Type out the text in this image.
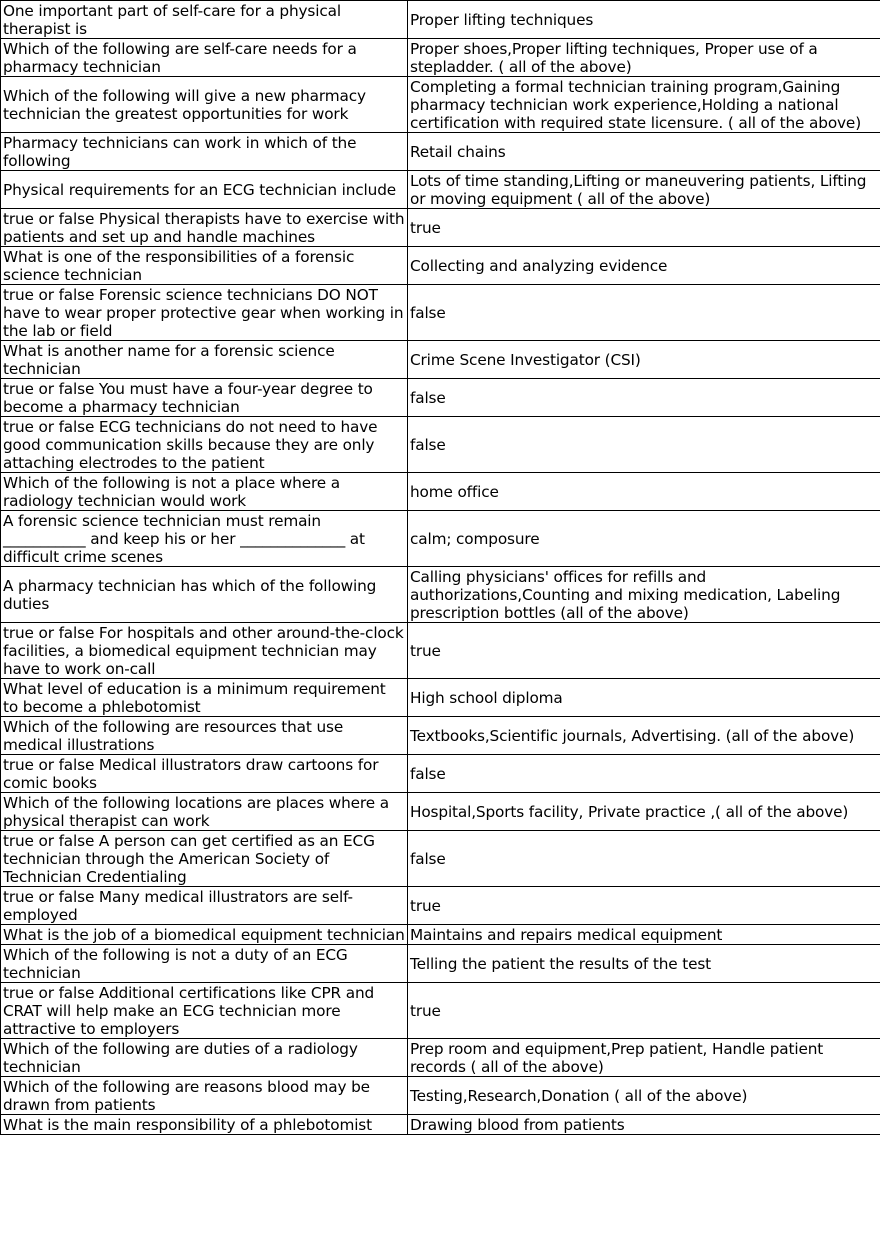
One important part of self-care for a physical therapist is	Proper lifting techniques
Which of the following are self-care needs for a pharmacy technician	Proper shoes,Proper lifting techniques, Proper use of a stepladder. ( all of the above)
Which of the following will give a new pharmacy technician the greatest opportunities for work	Completing a formal technician training program,Gaining pharmacy technician work experience,Holding a national certification with required state licensure. ( all of the above)
Pharmacy technicians can work in which of the following	Retail chains
Physical requirements for an ECG technician include	Lots of time standing,Lifting or maneuvering patients, Lifting or moving equipment ( all of the above)
true or false Physical therapists have to exercise with patients and set up and handle machines	true
What is one of the responsibilities of a forensic science technician	Collecting and analyzing evidence
true or false Forensic science technicians DO NOT have to wear proper protective gear when working in the lab or field	false
What is another name for a forensic science technician	Crime Scene Investigator (CSI)
true or false You must have a four-year degree to become a pharmacy technician	false
true or false ECG technicians do not need to have good communication skills because they are only attaching electrodes to the patient	false
Which of the following is not a place where a radiology technician would work	home office
A forensic science technician must remain ___________ and keep his or her ______________ at difficult crime scenes	calm; composure
A pharmacy technician has which of the following duties	Calling physicians' offices for refills and authorizations,Counting and mixing medication, Labeling prescription bottles (all of the above)
true or false For hospitals and other around-the-clock facilities, a biomedical equipment technician may have to work on-call	true
What level of education is a minimum requirement to become a phlebotomist	High school diploma
Which of the following are resources that use medical illustrations	Textbooks,Scientific journals, Advertising. (all of the above)
true or false Medical illustrators draw cartoons for comic books	false
Which of the following locations are places where a physical therapist can work	Hospital,Sports facility, Private practice ,( all of the above)
true or false A person can get certified as an ECG technician through the American Society of Technician Credentialing	false
true or false Many medical illustrators are self-employed	true
What is the job of a biomedical equipment technician	Maintains and repairs medical equipment
Which of the following is not a duty of an ECG technician	Telling the patient the results of the test
true or false Additional certifications like CPR and CRAT will help make an ECG technician more attractive to employers	true
Which of the following are duties of a radiology technician	Prep room and equipment,Prep patient, Handle patient records ( all of the above)
Which of the following are reasons blood may be drawn from patients	Testing,Research,Donation ( all of the above)
What is the main responsibility of a phlebotomist	Drawing blood from patients
